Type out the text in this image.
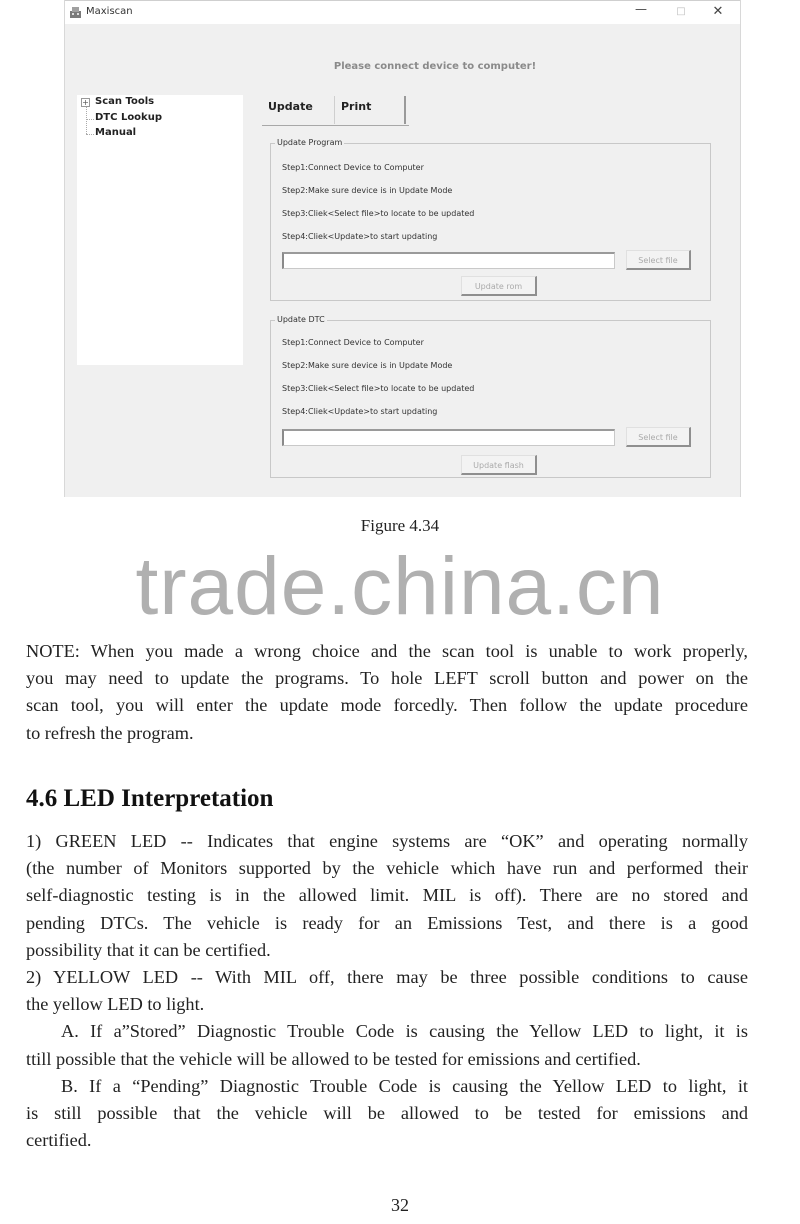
Maxiscan	—	□	✕
Please connect device to computer!
+ Scan Tools
DTC Lookup
Manual
Update	Print
Update Program
Step1:Connect Device to Computer
Step2:Make sure device is in Update Mode
Step3:Cliek<Select file>to locate to be updated
Step4:Cliek<Update>to start updating
Select file
Update rom
Update DTC
Step1:Connect Device to Computer
Step2:Make sure device is in Update Mode
Step3:Cliek<Select file>to locate to be updated
Step4:Cliek<Update>to start updating
Select file
Update flash
Figure 4.34
trade.china.cn
NOTE: When you made a wrong choice and the scan tool is unable to work properly,
you may need to update the programs. To hole LEFT scroll button and power on the
scan tool, you will enter the update mode forcedly. Then follow the update procedure
to refresh the program.
4.6 LED Interpretation
1) GREEN LED -- Indicates that engine systems are “OK” and operating normally
(the number of Monitors supported by the vehicle which have run and performed their
self-diagnostic testing is in the allowed limit. MIL is off). There are no stored and
pending DTCs. The vehicle is ready for an Emissions Test, and there is a good
possibility that it can be certified.
2) YELLOW LED -- With MIL off, there may be three possible conditions to cause
the yellow LED to light.
A. If a”Stored” Diagnostic Trouble Code is causing the Yellow LED to light, it is
ttill possible that the vehicle will be allowed to be tested for emissions and certified.
B. If a “Pending” Diagnostic Trouble Code is causing the Yellow LED to light, it
is still possible that the vehicle will be allowed to be tested for emissions and
certified.
32
